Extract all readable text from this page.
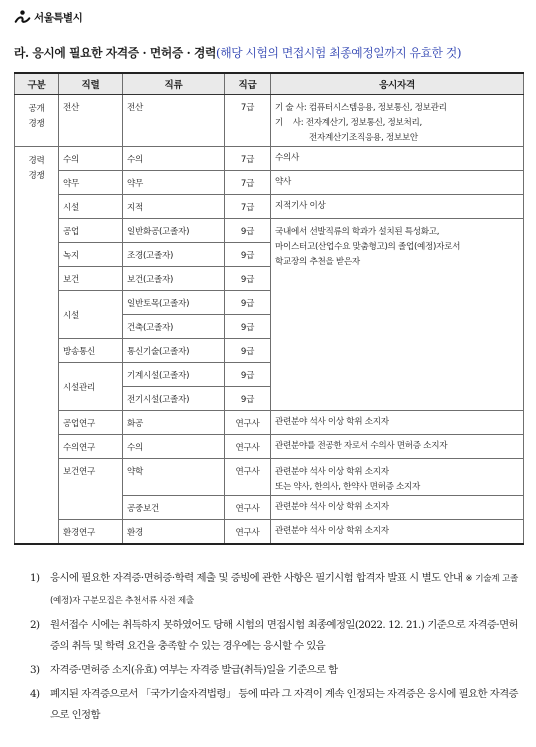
서울특별시
라. 응시에 필요한 자격증 · 면허증 · 경력(해당 시험의 면접시험 최종예정일까지 유효한 것)
구분	직렬	직류	직급	응시자격

공개
경쟁	전산	전산	7급	기 술 사: 컴퓨터시스템응용, 정보통신, 정보관리
기    사: 전자계산기, 정보통신, 정보처리,
전자계산기조직응용, 정보보안

경력
경쟁	수의	수의	7급	수의사

	약무	약무	7급	약사

	시설	지적	7급	지적기사 이상

	공업	일반화공(고졸자)	9급	국내에서 선발직류의 학과가 설치된 특성화고,
마이스터고(산업수요 맞춤형고)의 졸업(예정)자로서
학교장의 추천을 받은자

	녹지	조경(고졸자)	9급	
	보건	보건(고졸자)	9급	
	시설	일반토목(고졸자)	9급	
		건축(고졸자)	9급	
	방송통신	통신기술(고졸자)	9급	
	시설관리	기계시설(고졸자)	9급	
		전기시설(고졸자)	9급	
	공업연구	화공	연구사	관련분야 석사 이상 학위 소지자

	수의연구	수의	연구사	관련분야를 전공한 자로서 수의사 면허증 소지자

	보건연구	약학	연구사	관련분야 석사 이상 학위 소지자
또는 약사, 한의사, 한약사 면허증 소지자

		공중보건	연구사	관련분야 석사 이상 학위 소지자

	환경연구	환경	연구사	관련분야 석사 이상 학위 소지자
1)	응시에 필요한 자격증·면허증·학력 제출 및 증빙에 관한 사항은 필기시험 합격자 발표 시 별도 안내 ※ 기술계 고졸(예정)자 구분모집은 추천서류 사전 제출
2)	원서접수 시에는 취득하지 못하였어도 당해 시험의 면접시험 최종예정일(2022. 12. 21.) 기준으로 자격증·면허증의 취득 및 학력 요건을 충족할 수 있는 경우에는 응시할 수 있음
3)	자격증·면허증 소지(유효) 여부는 자격증 발급(취득)일을 기준으로 함
4)	폐지된 자격증으로서 「국가기술자격법령」 등에 따라 그 자격이 계속 인정되는 자격증은 응시에 필요한 자격증으로 인정함
